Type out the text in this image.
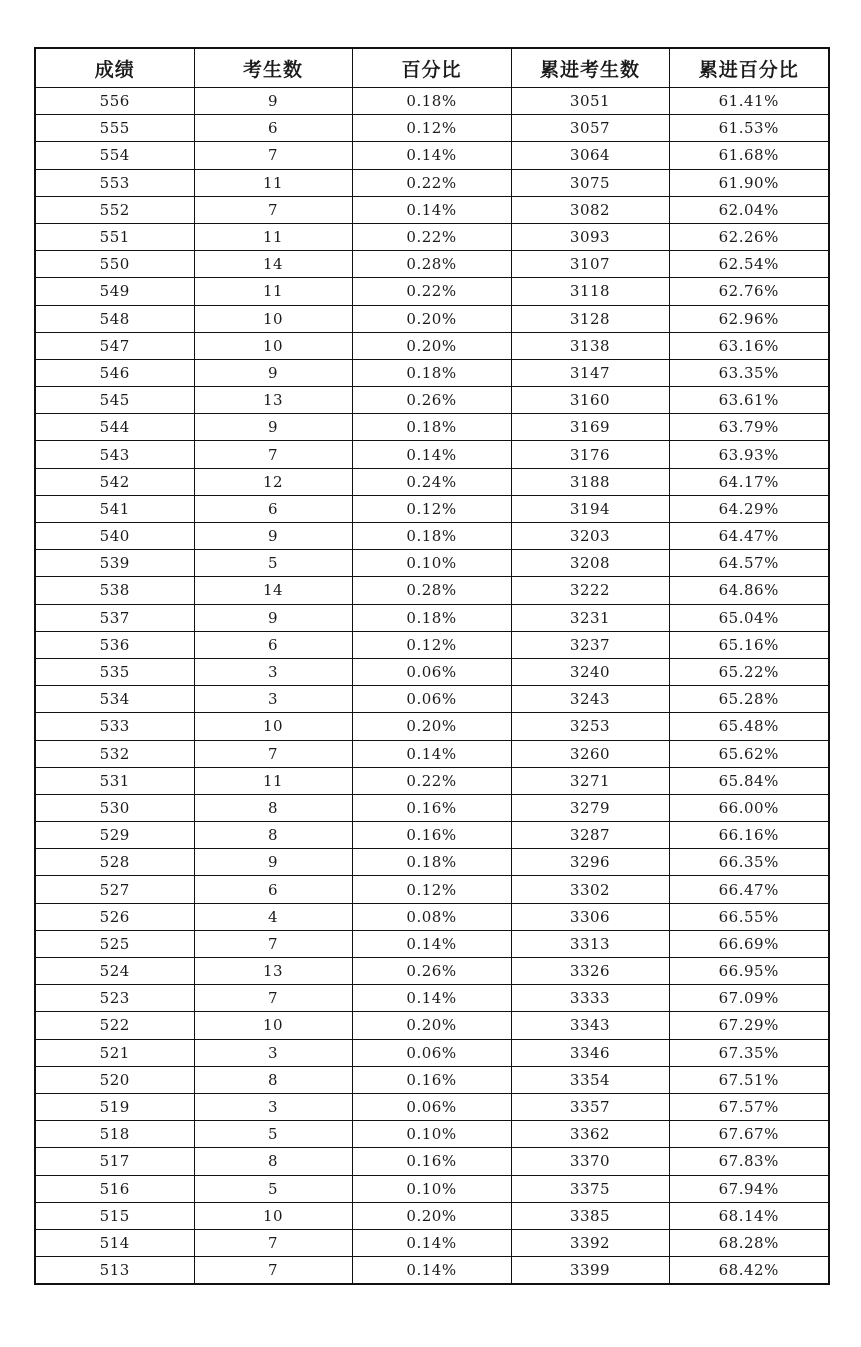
成绩	考生数	百分比	累进考生数	累进百分比
556	9	0.18%	3051	61.41%
555	6	0.12%	3057	61.53%
554	7	0.14%	3064	61.68%
553	11	0.22%	3075	61.90%
552	7	0.14%	3082	62.04%
551	11	0.22%	3093	62.26%
550	14	0.28%	3107	62.54%
549	11	0.22%	3118	62.76%
548	10	0.20%	3128	62.96%
547	10	0.20%	3138	63.16%
546	9	0.18%	3147	63.35%
545	13	0.26%	3160	63.61%
544	9	0.18%	3169	63.79%
543	7	0.14%	3176	63.93%
542	12	0.24%	3188	64.17%
541	6	0.12%	3194	64.29%
540	9	0.18%	3203	64.47%
539	5	0.10%	3208	64.57%
538	14	0.28%	3222	64.86%
537	9	0.18%	3231	65.04%
536	6	0.12%	3237	65.16%
535	3	0.06%	3240	65.22%
534	3	0.06%	3243	65.28%
533	10	0.20%	3253	65.48%
532	7	0.14%	3260	65.62%
531	11	0.22%	3271	65.84%
530	8	0.16%	3279	66.00%
529	8	0.16%	3287	66.16%
528	9	0.18%	3296	66.35%
527	6	0.12%	3302	66.47%
526	4	0.08%	3306	66.55%
525	7	0.14%	3313	66.69%
524	13	0.26%	3326	66.95%
523	7	0.14%	3333	67.09%
522	10	0.20%	3343	67.29%
521	3	0.06%	3346	67.35%
520	8	0.16%	3354	67.51%
519	3	0.06%	3357	67.57%
518	5	0.10%	3362	67.67%
517	8	0.16%	3370	67.83%
516	5	0.10%	3375	67.94%
515	10	0.20%	3385	68.14%
514	7	0.14%	3392	68.28%
513	7	0.14%	3399	68.42%
